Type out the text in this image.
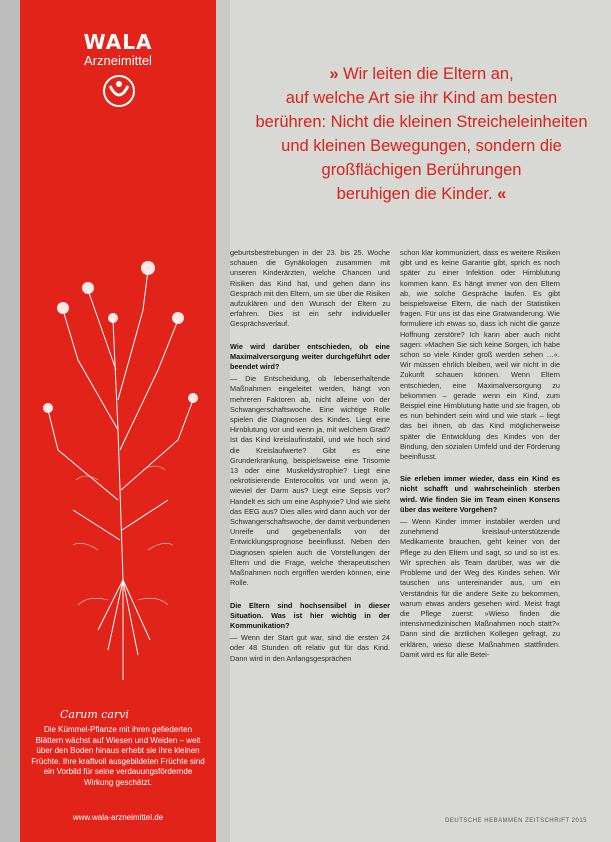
WALA
Arzneimittel
Carum carvi
Die Kümmel-Pflanze mit ihren gefiederten Blättern wächst auf Wiesen und Weiden – weit über den Boden hinaus erhebt sie ihre kleinen Früchte. Ihre kraftvoll ausgebildeten Früchte sind ein Vorbild für seine verdauungsfördernde Wirkung geschätzt.
www.wala-arzneimittel.de
» Wir leiten die Eltern an,
auf welche Art sie ihr Kind am besten
berühren: Nicht die kleinen Streicheleinheiten
und kleinen Bewegungen, sondern die
großflächigen Berührungen
beruhigen die Kinder. «

geburtsbestrebungen in der 23. bis 25. Woche schauen die Gynäkologen zusammen mit unseren Kinderärzten, welche Chancen und Risiken das Kind hat, und gehen dann ins Gespräch mit den Eltern, um sie über die Risiken aufzuklären und den Wunsch der Eltern zu erfahren. Dies ist ein sehr individueller Gesprächsverlauf.

Wie wird darüber entschieden, ob eine Maximalversorgung weiter durchgeführt oder beendet wird?

— Die Entscheidung, ob lebenserhaltende Maßnahmen eingeleitet werden, hängt von mehreren Faktoren ab, nicht alleine von der Schwangerschaftswoche. Eine wichtige Rolle spielen die Diagnosen des Kindes. Liegt eine Hirnblutung vor und wenn ja, mit welchem Grad? Ist das Kind kreislaufinstabil, und wie hoch sind die Kreislaufwerte? Gibt es eine Grunderkrankung, beispielsweise eine Trisomie 13 oder eine Muskeldystrophie? Liegt eine nekrotisierende Enterocolitis vor und wenn ja, wieviel der Darm aus? Liegt eine Sepsis vor? Handelt es sich um eine Asphyxie? Und wie sieht das EEG aus? Dies alles wird dann auch vor der Schwangerschaftswoche, der damit verbundenen Unreife und gegebenenfalls von der Entwicklungsprognose beeinflusst. Neben den Diagnosen spielen auch die Vorstellungen der Eltern und die Frage, welche therapeutischen Maßnahmen noch ergriffen werden können, eine Rolle.

Die Eltern sind hochsensibel in dieser Situation. Was ist hier wichtig in der Kommunikation?

— Wenn der Start gut war, sind die ersten 24 oder 48 Stunden oft relativ gut für das Kind. Dann wird in den Anfangsgesprächen

schon klar kommuniziert, dass es weitere Risiken gibt und es keine Garantie gibt, sprich es noch später zu einer Infektion oder Hirnblutung kommen kann. Es hängt immer von den Eltern ab, wie solche Gespräche laufen. Es gibt beispielsweise Eltern, die nach der Statistiken fragen. Für uns ist das eine Gratwanderung. Wie formuliere ich etwas so, dass ich nicht die ganze Hoffnung zerstöre? Ich kann aber auch nicht sagen: »Machen Sie sich keine Sorgen, ich habe schon so viele Kinder groß werden sehen …«. Wir müssen ehrlich bleiben, weil wir nicht in die Zukunft schauen können. Wenn Eltern entschieden, eine Maximalversorgung zu bekommen – gerade wenn ein Kind, zum Beispiel eine Hirnblutung hatte und sie fragen, ob es nun behindert sein wird und wie stark – liegt das bei ihnen, ob das Kind möglicherweise später die Entwicklung des Kindes von der Bindung, den sozialen Umfeld und der Förderung beeinflusst.

Sie erleben immer wieder, dass ein Kind es nicht schafft und wahrscheinlich sterben wird. Wie finden Sie im Team einen Konsens über das weitere Vorgehen?

— Wenn Kinder immer instabiler werden und zunehmend kreislauf-unterstützende Medikamente brauchen, geht keiner von der Pflege zu den Eltern und sagt, so und so ist es. Wir sprechen als Team darüber, was wir die Probleme und der Weg des Kindes sehen. Wir tauschen uns untereinander aus, um ein Verständnis für die andere Seite zu bekommen, warum etwas anders gesehen wird. Meist fragt die Pflege zuerst: »Wieso finden die intensivmedizinischen Maßnahmen noch statt?« Dann sind die ärztlichen Kollegen gefragt, zu erklären, wieso diese Maßnahmen stattfinden. Damit wird es für alle Betei-

DEUTSCHE HEBAMMEN ZEITSCHRIFT 2015
